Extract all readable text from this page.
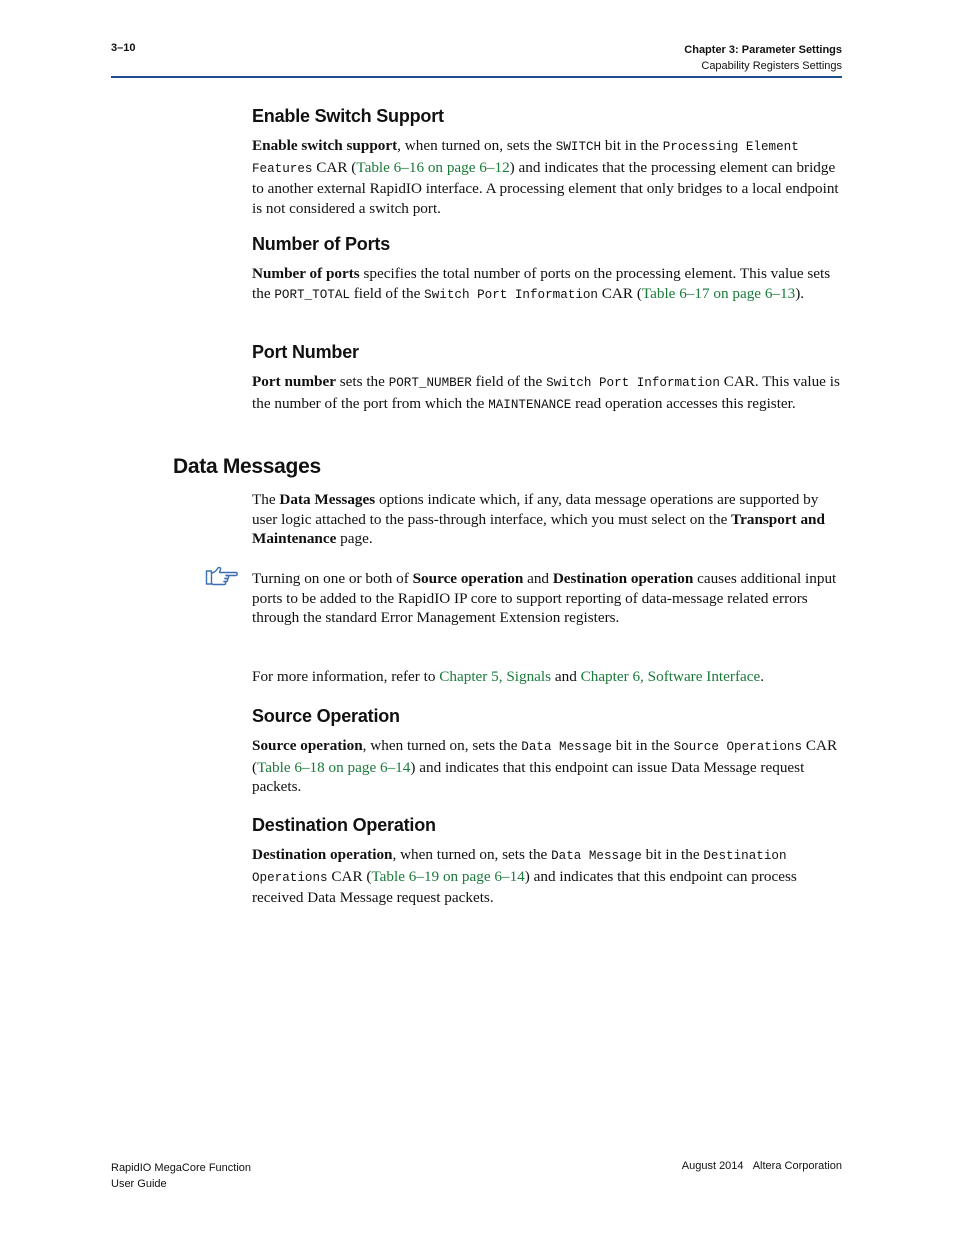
3–10	Chapter 3: Parameter Settings
Capability Registers Settings
Enable Switch Support
Enable switch support, when turned on, sets the SWITCH bit in the Processing Element Features CAR (Table 6–16 on page 6–12) and indicates that the processing element can bridge to another external RapidIO interface. A processing element that only bridges to a local endpoint is not considered a switch port.
Number of Ports
Number of ports specifies the total number of ports on the processing element. This value sets the PORT_TOTAL field of the Switch Port Information CAR (Table 6–17 on page 6–13).
Port Number
Port number sets the PORT_NUMBER field of the Switch Port Information CAR. This value is the number of the port from which the MAINTENANCE read operation accesses this register.
Data Messages
The Data Messages options indicate which, if any, data message operations are supported by user logic attached to the pass-through interface, which you must select on the Transport and Maintenance page.
Turning on one or both of Source operation and Destination operation causes additional input ports to be added to the RapidIO IP core to support reporting of data-message related errors through the standard Error Management Extension registers.
For more information, refer to Chapter 5, Signals and Chapter 6, Software Interface.
Source Operation
Source operation, when turned on, sets the Data Message bit in the Source Operations CAR (Table 6–18 on page 6–14) and indicates that this endpoint can issue Data Message request packets.
Destination Operation
Destination operation, when turned on, sets the Data Message bit in the Destination Operations CAR (Table 6–19 on page 6–14) and indicates that this endpoint can process received Data Message request packets.
RapidIO MegaCore Function
User Guide
August 2014 Altera Corporation
